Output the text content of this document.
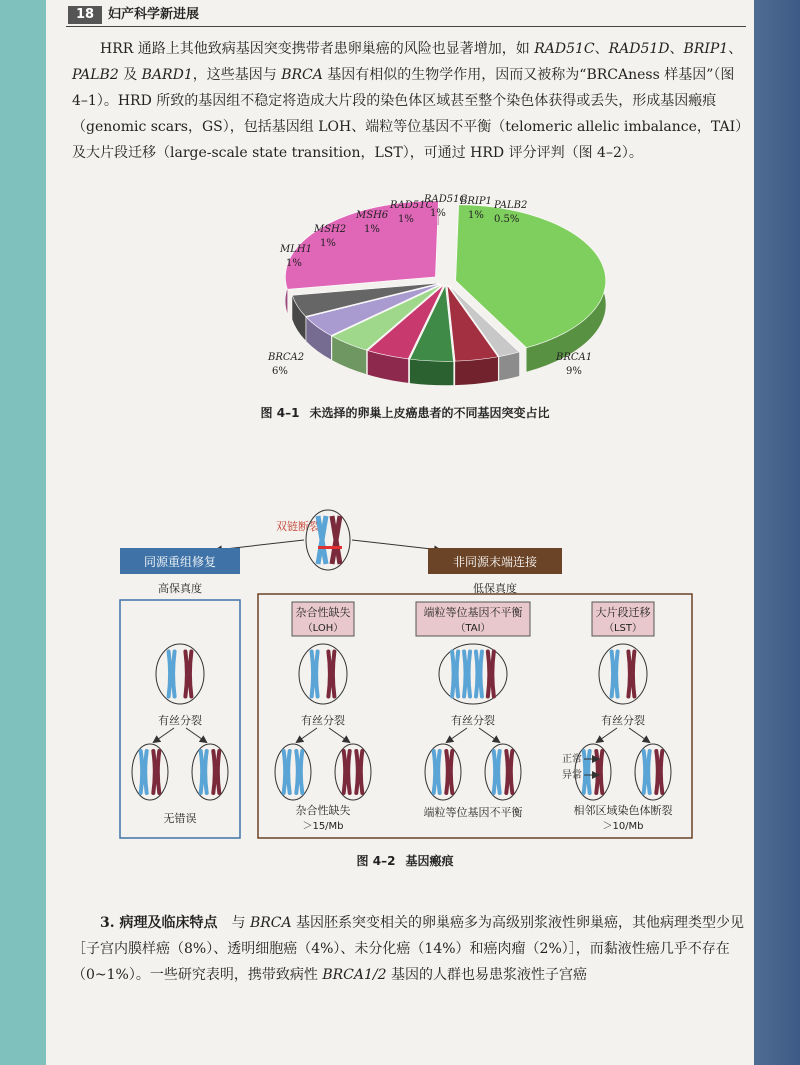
18	妇产科学新进展

HRR 通路上其他致病基因突变携带者患卵巢癌的风险也显著增加，如 RAD51C、RAD51D、BRIP1、PALB2 及 BARD1，这些基因与 BRCA 基因有相似的生物学作用，因而又被称为“BRCAness 样基因”（图 4–1）。HRD 所致的基因组不稳定将造成大片段的染色体区域甚至整个染色体获得或丢失，形成基因瘢痕（genomic scars，GS），包括基因组 LOH、端粒等位基因不平衡（telomeric allelic imbalance，TAI）及大片段迁移（large-scale state transition，LST），可通过 HRD 评分评判（图 4–2）。

BRCA1
9%
PALB2
0.5%
BRIP1
1%
RAD51C
1%
RAD51C
1%
MSH6
1%
MSH2
1%
MLH1
1%
BRCA2
6%
图 4–1 未选择的卵巢上皮癌患者的不同基因突变占比
双链断裂
同源重组修复
高保真度
非同源末端连接
低保真度
杂合性缺失
（LOH）
端粒等位基因不平衡
（TAI）
大片段迁移
（LST）
有丝分裂	有丝分裂	有丝分裂	有丝分裂
无错误
杂合性缺失
＞15/Mb
端粒等位基因不平衡	相邻区域染色体断裂
＞10/Mb
正常
异常
图 4–2 基因瘢痕

3. 病理及临床特点　与 BRCA 基因胚系突变相关的卵巢癌多为高级别浆液性卵巢癌，其他病理类型少见［子宫内膜样癌（8%）、透明细胞癌（4%）、未分化癌（14%）和癌肉瘤（2%）］，而黏液性癌几乎不存在（0~1%）。一些研究表明，携带致病性 BRCA1/2 基因的人群也易患浆液性子宫癌
